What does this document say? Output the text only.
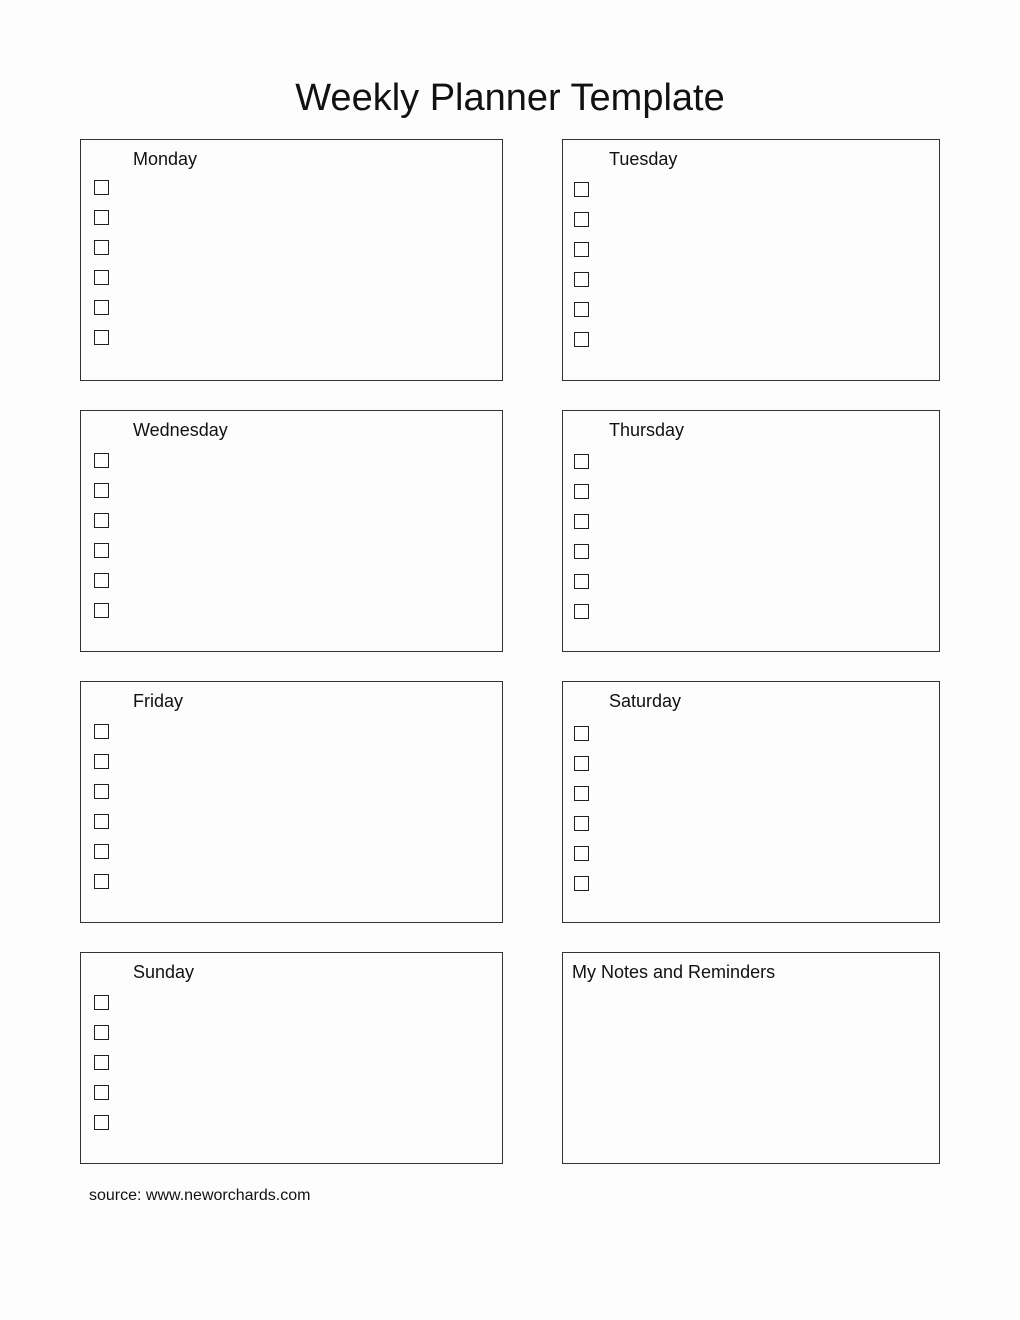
Weekly Planner Template
Monday	Tuesday
Wednesday	Thursday
Friday	Saturday
Sunday	My Notes and Reminders
source: www.neworchards.com
